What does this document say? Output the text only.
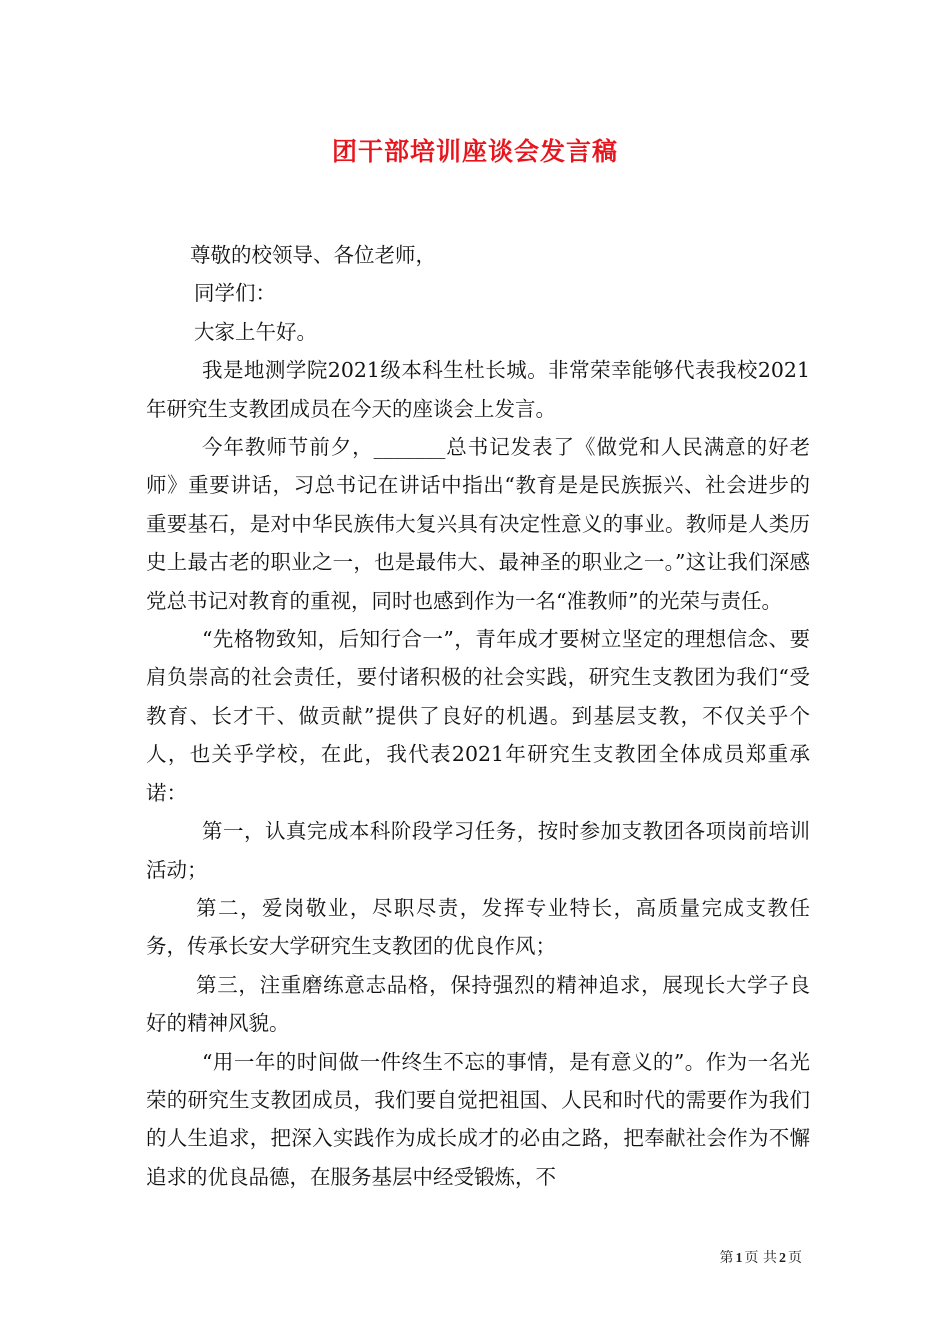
团干部培训座谈会发言稿

尊敬的校领导、各位老师，

同学们：

大家上午好。

我是地测学院2021级本科生杜长城。非常荣幸能够代表我校2021年研究生支教团成员在今天的座谈会上发言。

今年教师节前夕，_______总书记发表了《做党和人民满意的好老师》重要讲话，习总书记在讲话中指出“教育是是民族振兴、社会进步的重要基石，是对中华民族伟大复兴具有决定性意义的事业。教师是人类历史上最古老的职业之一，也是最伟大、最神圣的职业之一。”这让我们深感党总书记对教育的重视，同时也感到作为一名“准教师”的光荣与责任。

“先格物致知，后知行合一”，青年成才要树立坚定的理想信念、要肩负崇高的社会责任，要付诸积极的社会实践，研究生支教团为我们“受教育、长才干、做贡献”提供了良好的机遇。到基层支教，不仅关乎个人，也关乎学校，在此，我代表2021年研究生支教团全体成员郑重承诺：

第一，认真完成本科阶段学习任务，按时参加支教团各项岗前培训活动；

第二，爱岗敬业，尽职尽责，发挥专业特长，高质量完成支教任务，传承长安大学研究生支教团的优良作风；

第三，注重磨练意志品格，保持强烈的精神追求，展现长大学子良好的精神风貌。

“用一年的时间做一件终生不忘的事情，是有意义的”。作为一名光荣的研究生支教团成员，我们要自觉把祖国、人民和时代的需要作为我们的人生追求，把深入实践作为成长成才的必由之路，把奉献社会作为不懈追求的优良品德，在服务基层中经受锻炼，不

第 1 页 共 2 页
